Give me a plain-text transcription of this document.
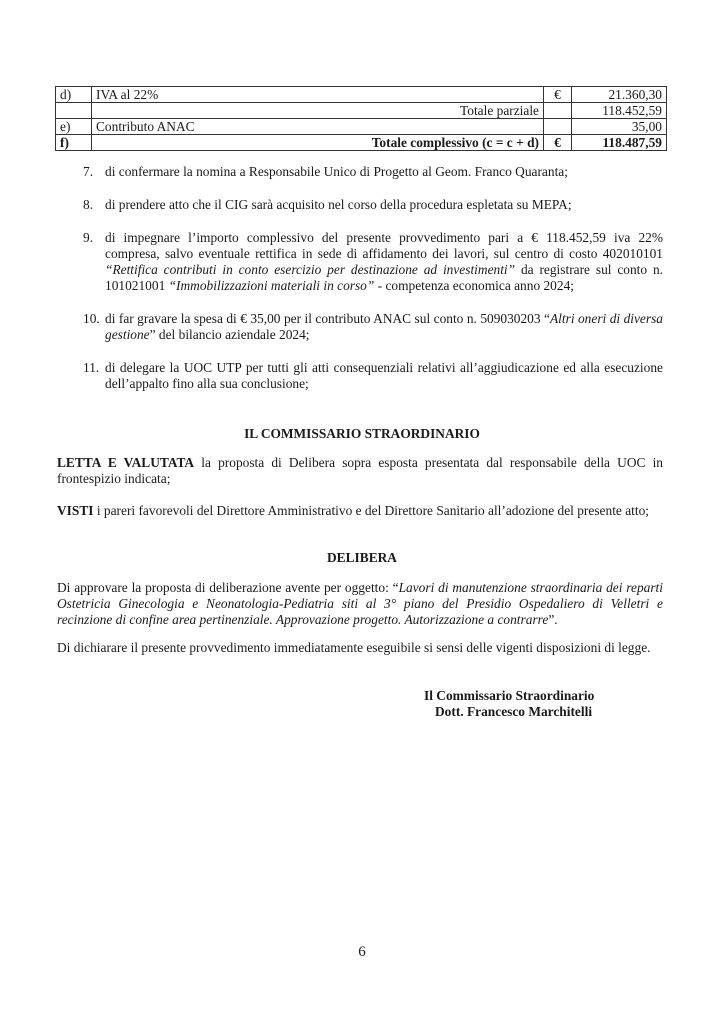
d)	IVA al 22%	€	21.360,30
	Totale parziale		118.452,59
e)	Contributo ANAC		35,00
f)	Totale complessivo (c = c + d)	€	118.487,59
7. di confermare la nomina a Responsabile Unico di Progetto al Geom. Franco Quaranta;
8. di prendere atto che il CIG sarà acquisito nel corso della procedura espletata su MEPA;
9. di impegnare l’importo complessivo del presente provvedimento pari a € 118.452,59 iva 22% compresa, salvo eventuale rettifica in sede di affidamento dei lavori, sul centro di costo 402010101 “Rettifica contributi in conto esercizio per destinazione ad investimenti” da registrare sul conto n. 101021001 “Immobilizzazioni materiali in corso” - competenza economica anno 2024;
10. di far gravare la spesa di € 35,00 per il contributo ANAC sul conto n. 509030203 “Altri oneri di diversa gestione” del bilancio aziendale 2024;
11. di delegare la UOC UTP per tutti gli atti consequenziali relativi all’aggiudicazione ed alla esecuzione dell’appalto fino alla sua conclusione;
IL COMMISSARIO STRAORDINARIO
LETTA E VALUTATA la proposta di Delibera sopra esposta presentata dal responsabile della UOC in frontespizio indicata;
VISTI i pareri favorevoli del Direttore Amministrativo e del Direttore Sanitario all’adozione del presente atto;
DELIBERA
Di approvare la proposta di deliberazione avente per oggetto: “Lavori di manutenzione straordinaria dei reparti Ostetricia Ginecologia e Neonatologia-Pediatria siti al 3° piano del Presidio Ospedaliero di Velletri e recinzione di confine area pertinenziale. Approvazione progetto. Autorizzazione a contrarre”.
Di dichiarare il presente provvedimento immediatamente eseguibile si sensi delle vigenti disposizioni di legge.
Il Commissario Straordinario
Dott. Francesco Marchitelli
6
